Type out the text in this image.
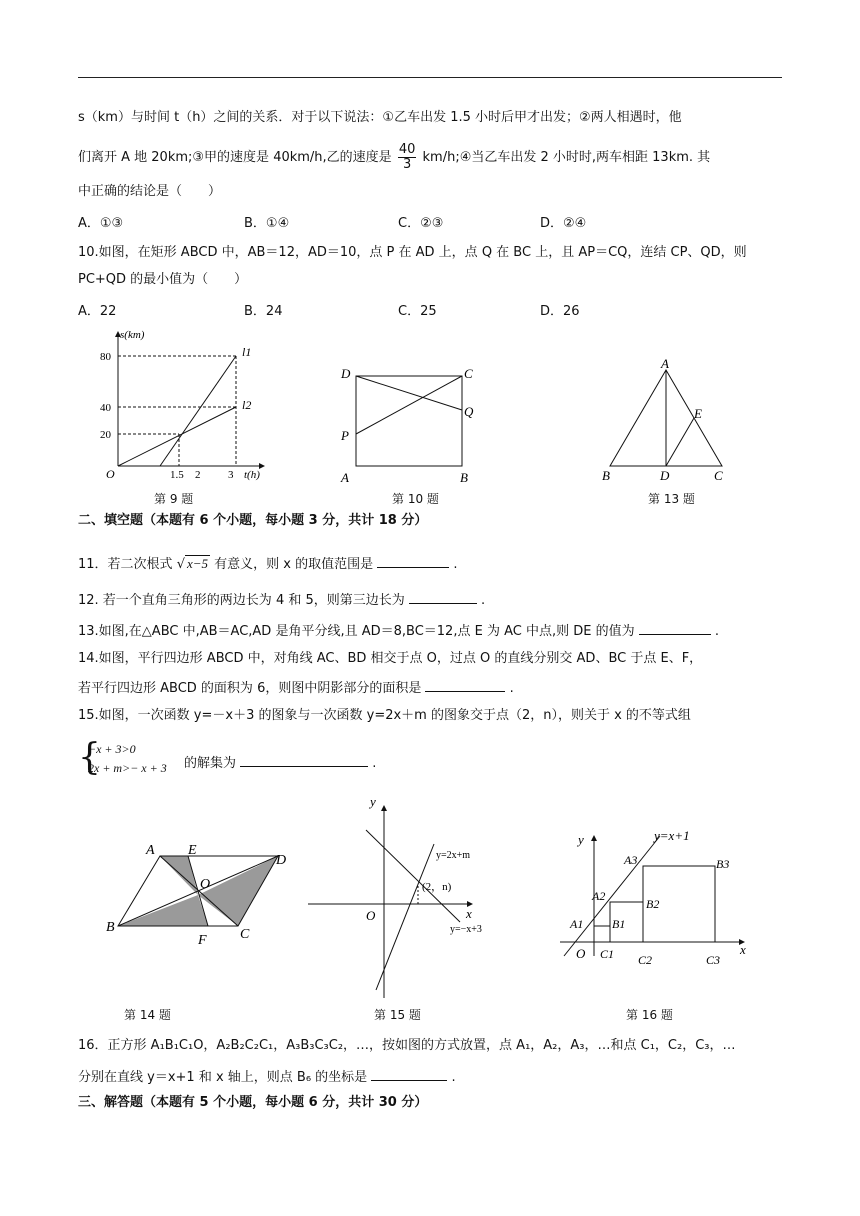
s（km）与时间 t（h）之间的关系．对于以下说法：①乙车出发 1.5 小时后甲才出发；②两人相遇时，他
们离开 A 地 20km;③甲的速度是 40km/h,乙的速度是 $\frac{40}{3}$ km/h;④当乙车出发 2 小时时,两车相距 13km. 其
中正确的结论是（　　）
A．①③	B．①④	C．②③	D．②④
10.如图，在矩形 ABCD 中，AB＝12，AD＝10，点 P 在 AD 上，点 Q 在 BC 上，且 AP＝CQ，连结 CP、QD，则
PC+QD 的最小值为（　　）
A．22	B．24	C．25	D．26
s(km)
t(h)
O
80
40
20
1.5 2	3
l1
l2
第 9 题
D	C
Q
P
A	B
第 10 题
A
E
B	D	C
第 13 题
二、填空题（本题有 6 个小题，每小题 3 分，共计 18 分）
11．若二次根式 √ x−5 有意义，则 x 的取值范围是	.
12. 若一个直角三角形的两边长为 4 和 5，则第三边长为	.
13.如图,在△ABC 中,AB＝AC,AD 是角平分线,且 AD＝8,BC＝12,点 E 为 AC 中点,则 DE 的值为	.
14.如图，平行四边形 ABCD 中，对角线 AC、BD 相交于点 O，过点 O 的直线分别交 AD、BC 于点 E、F，
若平行四边形 ABCD 的面积为 6，则图中阴影部分的面积是	.
15.如图，一次函数 y=－x＋3 的图象与一次函数 y=2x＋m 的图象交于点（2，n），则关于 x 的不等式组
{
−x + 3>0
2x + m>− x + 3 的解集为	.
A E
D
O
B
F C
第 14 题
y
O	x
y=2x+m
(2，n)
y=−x+3
第 15 题
y	y=x+1
A3	B3
A2
B2
A1 B1
O C1 C2	C3
x
第 16 题
16．正方形 A₁B₁C₁O，A₂B₂C₂C₁，A₃B₃C₃C₂，…，按如图的方式放置，点 A₁，A₂，A₃，…和点 C₁，C₂，C₃，…
分别在直线 y＝x+1 和 x 轴上，则点 B₆ 的坐标是	.
三、解答题（本题有 5 个小题，每小题 6 分，共计 30 分）
